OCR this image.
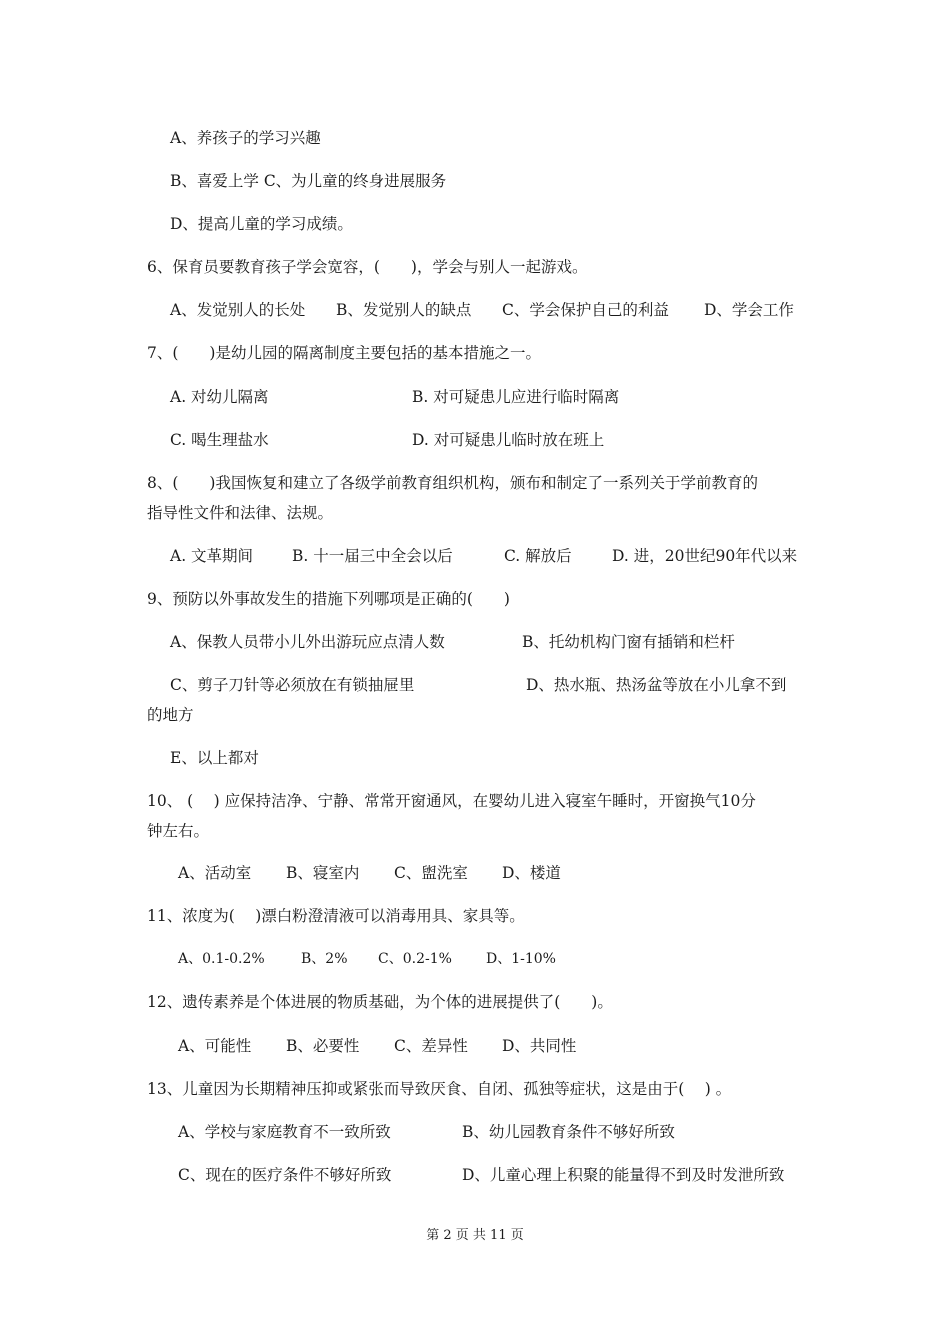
A、养孩子的学习兴趣
B、喜爱上学 C、为儿童的终身进展服务
D、提高儿童的学习成绩。
6、保育员要教育孩子学会宽容，(　　)，学会与别人一起游戏。
A、发觉别人的长处 B、发觉别人的缺点 C、学会保护自己的利益 D、学会工作
7、(　　)是幼儿园的隔离制度主要包括的基本措施之一。
A. 对幼儿隔离	B. 对可疑患儿应进行临时隔离
C. 喝生理盐水	D. 对可疑患儿临时放在班上
8、(　　)我国恢复和建立了各级学前教育组织机构，颁布和制定了一系列关于学前教育的
指导性文件和法律、法规。
A. 文革期间	B. 十一届三中全会以后	C. 解放后	D. 进，20世纪90年代以来
9、预防以外事故发生的措施下列哪项是正确的(　　)
A、保教人员带小儿外出游玩应点清人数	B、托幼机构门窗有插销和栏杆
C、剪子刀针等必须放在有锁抽屉里	D、热水瓶、热汤盆等放在小儿拿不到
的地方
E、以上都对
10、 (　 ) 应保持洁净、宁静、常常开窗通风，在婴幼儿进入寝室午睡时，开窗换气10分
钟左右。
A、活动室 B、寝室内 C、盥洗室 D、楼道
11、浓度为(　 )漂白粉澄清液可以消毒用具、家具等。
A、0.1-0.2%	B、2% C、0.2-1% D、1-10%
12、遗传素养是个体进展的物质基础，为个体的进展提供了(　　)。
A、可能性 B、必要性 C、差异性 D、共同性
13、儿童因为长期精神压抑或紧张而导致厌食、自闭、孤独等症状，这是由于(　 ) 。
A、学校与家庭教育不一致所致	B、幼儿园教育条件不够好所致
C、现在的医疗条件不够好所致	D、儿童心理上积聚的能量得不到及时发泄所致
第 2 页 共 11 页
